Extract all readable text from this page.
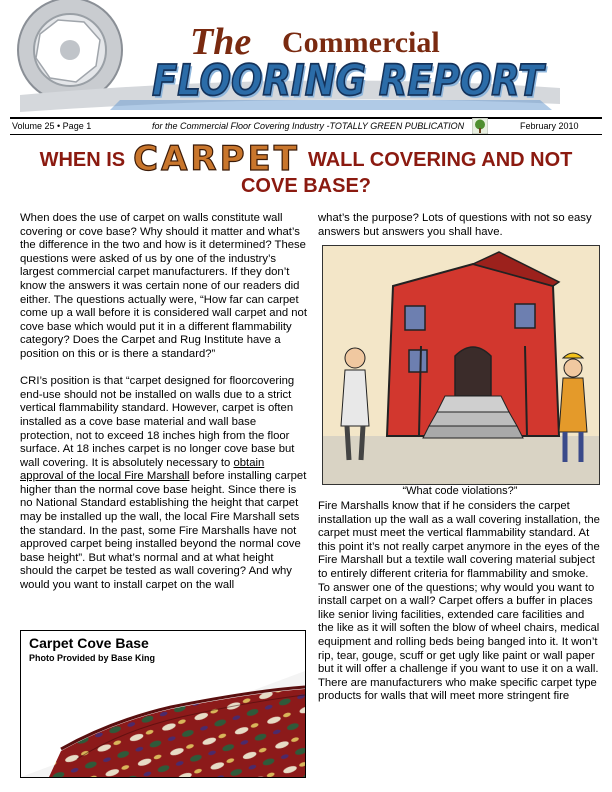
The Commercial
FLOORING REPORT
Volume 25 • Page 1	for the Commercial Floor Covering Industry -TOTALLY GREEN PUBLICATION	February 2010
WHEN IS CARPET WALL COVERING AND NOT
COVE BASE?

When does the use of carpet on walls constitute wall covering or cove base? Why should it matter and what’s the difference in the two and how is it determined? These questions were asked of us by one of the industry’s largest commercial carpet manufacturers. If they don’t know the answers it was certain none of our readers did either. The questions actually were, “How far can carpet come up a wall before it is considered wall carpet and not cove base which would put it in a different flammability category? Does the Carpet and Rug Institute have a position on this or is there a standard?”

CRI’s position is that “carpet designed for floorcovering end-use should not be installed on walls due to a strict vertical flammability standard. However, carpet is often installed as a cove base material and wall base protection, not to exceed 18 inches high from the floor surface. At 18 inches carpet is no longer cove base but wall covering. It is absolutely necessary to obtain approval of the local Fire Marshall before installing carpet higher than the normal cove base height. Since there is no National Standard establishing the height that carpet may be installed up the wall, the local Fire Marshall sets the standard. In the past, some Fire Marshalls have not approved carpet being installed beyond the normal cove base height”. But what’s normal and at what height should the carpet be tested as wall covering? And why would you want to install carpet on the wall

Carpet Cove Base
Photo Provided by Base King

what’s the purpose? Lots of questions with not so easy answers but answers you shall have.

“What code violations?”

Fire Marshalls know that if he considers the carpet installation up the wall as a wall covering installation, the carpet must meet the vertical flammability standard. At this point it’s not really carpet anymore in the eyes of the Fire Marshall but a textile wall covering material subject to entirely different criteria for flammability and smoke. To answer one of the questions; why would you want to install carpet on a wall? Carpet offers a buffer in places like senior living facilities, extended care facilities and the like as it will soften the blow of wheel chairs, medical equipment and rolling beds being banged into it. It won’t rip, tear, gouge, scuff or get ugly like paint or wall paper but it will offer a challenge if you want to use it on a wall. There are manufacturers who make specific carpet type products for walls that will meet more stringent fire
